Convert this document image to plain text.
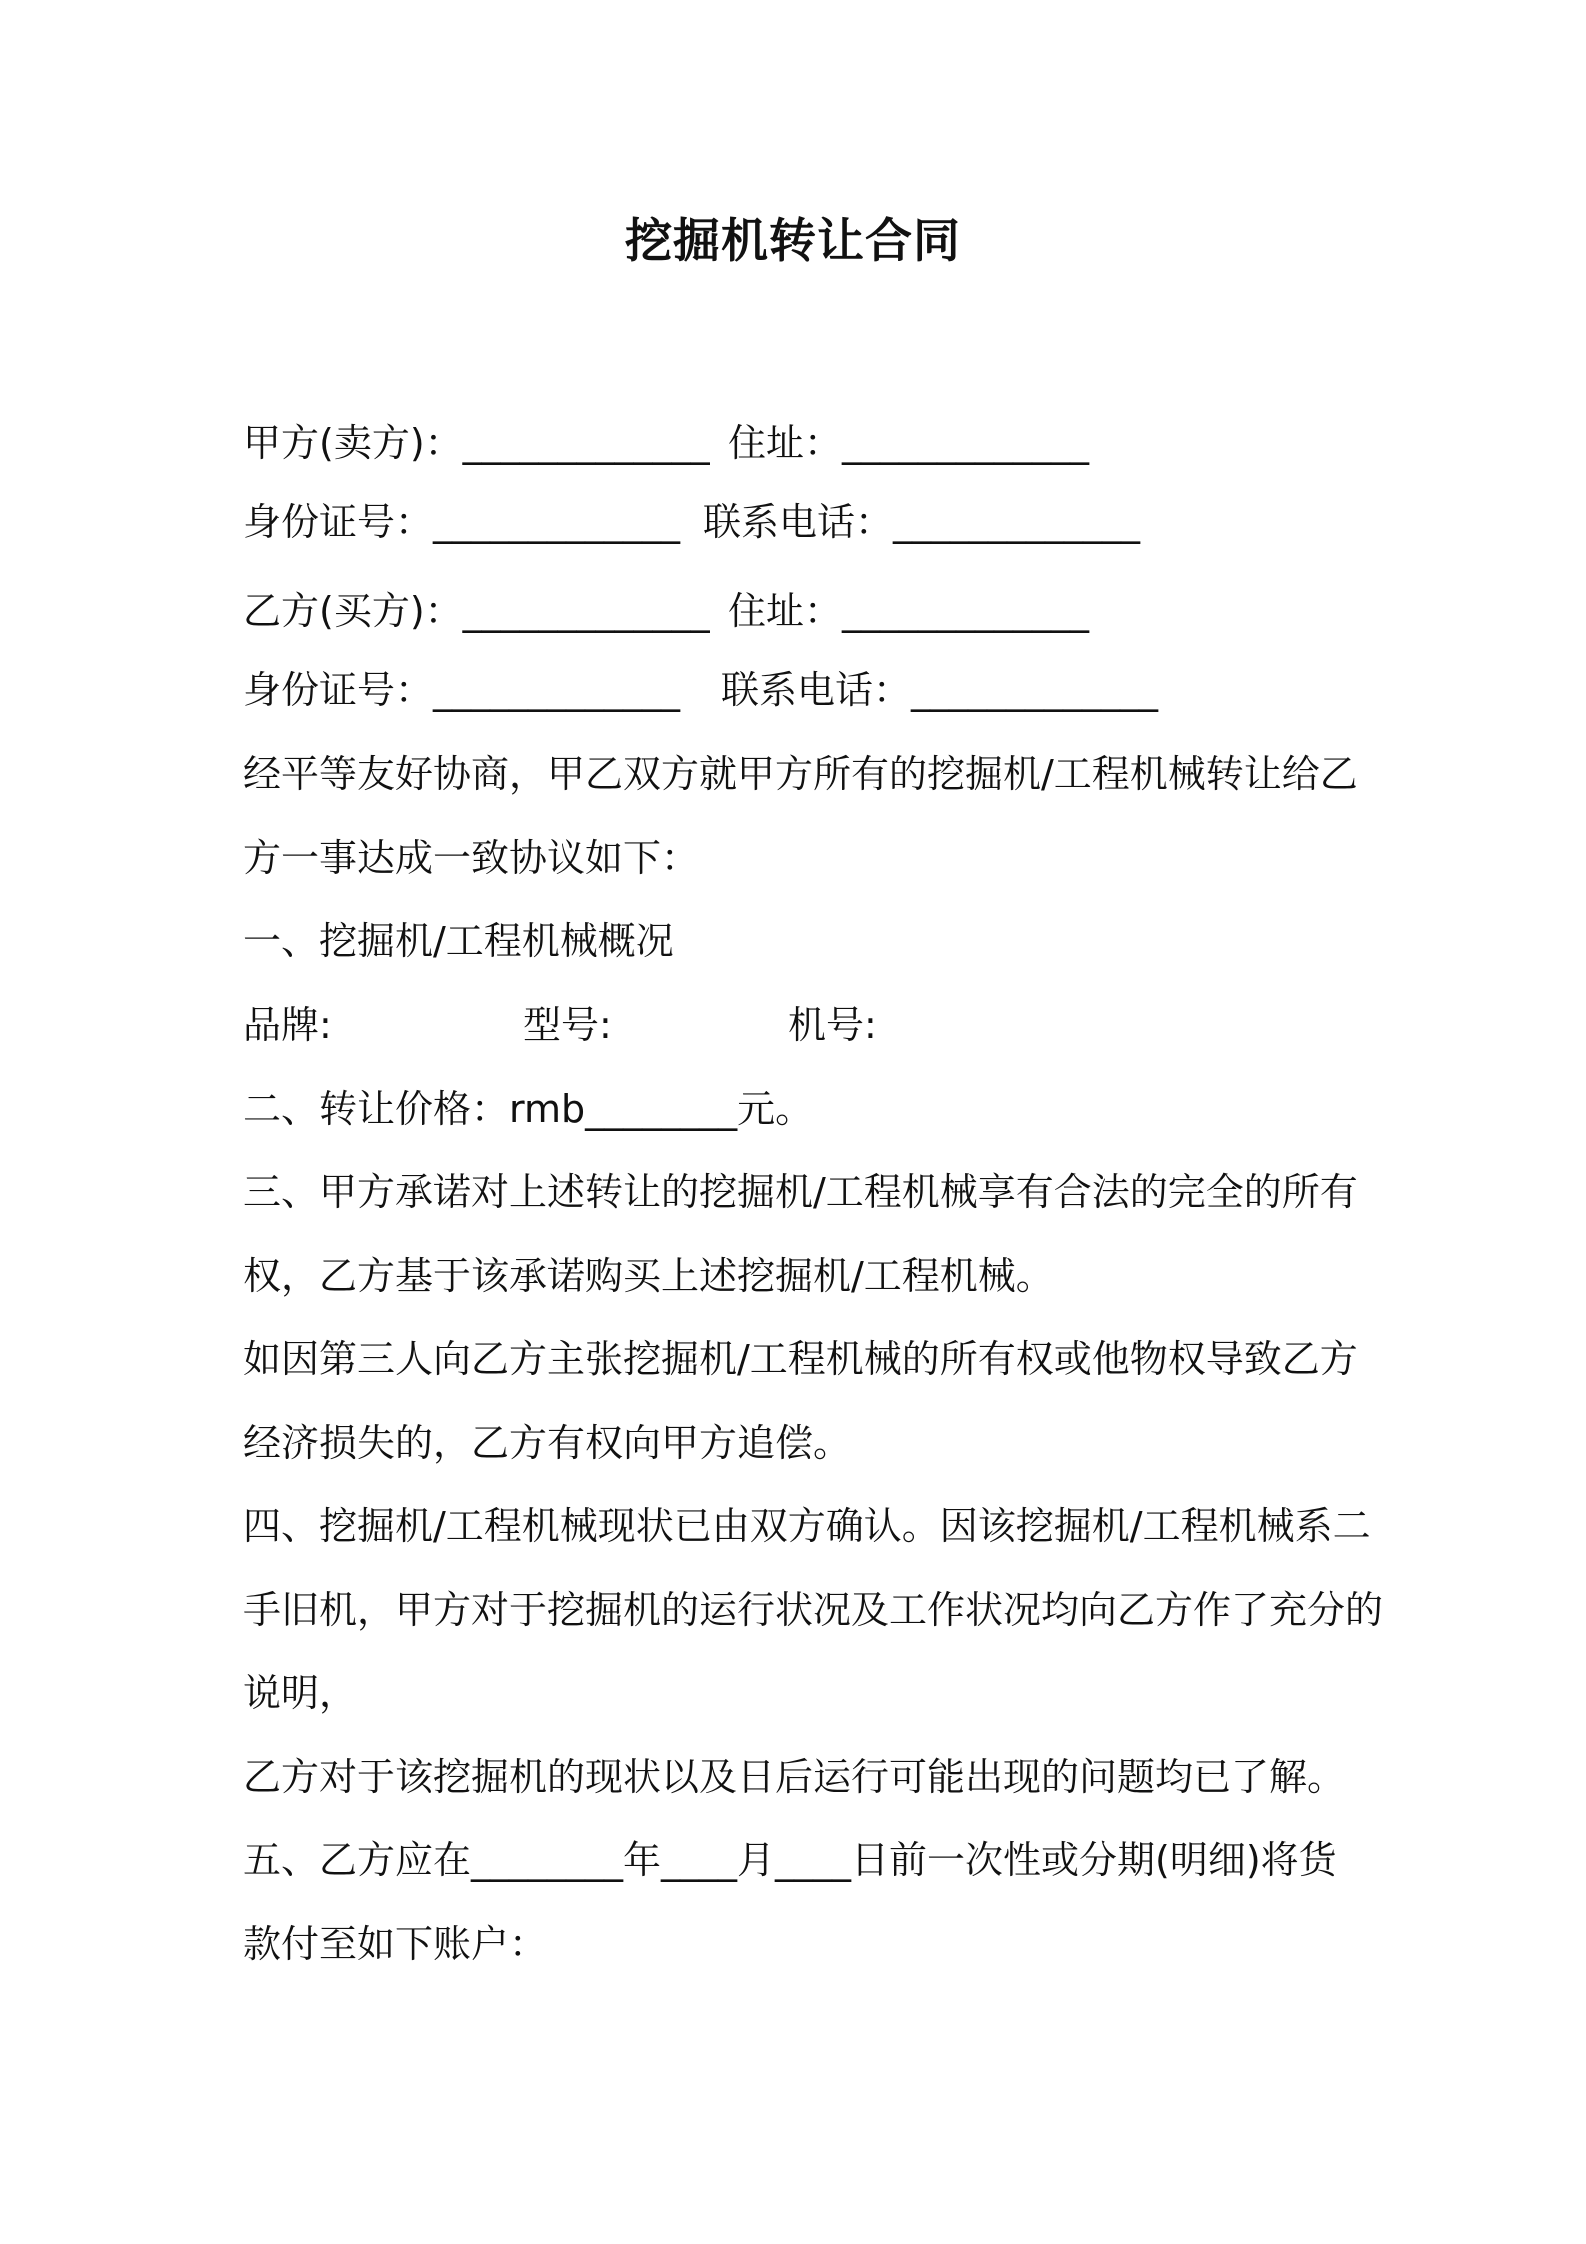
挖掘机转让合同

甲方(卖方)：_____________

住址：_____________

身份证号：_____________

联系电话：_____________

乙方(买方)：_____________

住址：_____________

身份证号：_____________

联系电话：_____________

经平等友好协商，甲乙双方就甲方所有的挖掘机/工程机械转让给乙
方一事达成一致协议如下：
一、挖掘机/工程机械概况

品牌:

	型号:

	机号:

二、转让价格：rmb________元。
三、甲方承诺对上述转让的挖掘机/工程机械享有合法的完全的所有
权，乙方基于该承诺购买上述挖掘机/工程机械。
如因第三人向乙方主张挖掘机/工程机械的所有权或他物权导致乙方
经济损失的，乙方有权向甲方追偿。
四、挖掘机/工程机械现状已由双方确认。因该挖掘机/工程机械系二
手旧机，甲方对于挖掘机的运行状况及工作状况均向乙方作了充分的
说明，
乙方对于该挖掘机的现状以及日后运行可能出现的问题均已了解。
五、乙方应在________年____月____日前一次性或分期(明细)将货
款付至如下账户：
